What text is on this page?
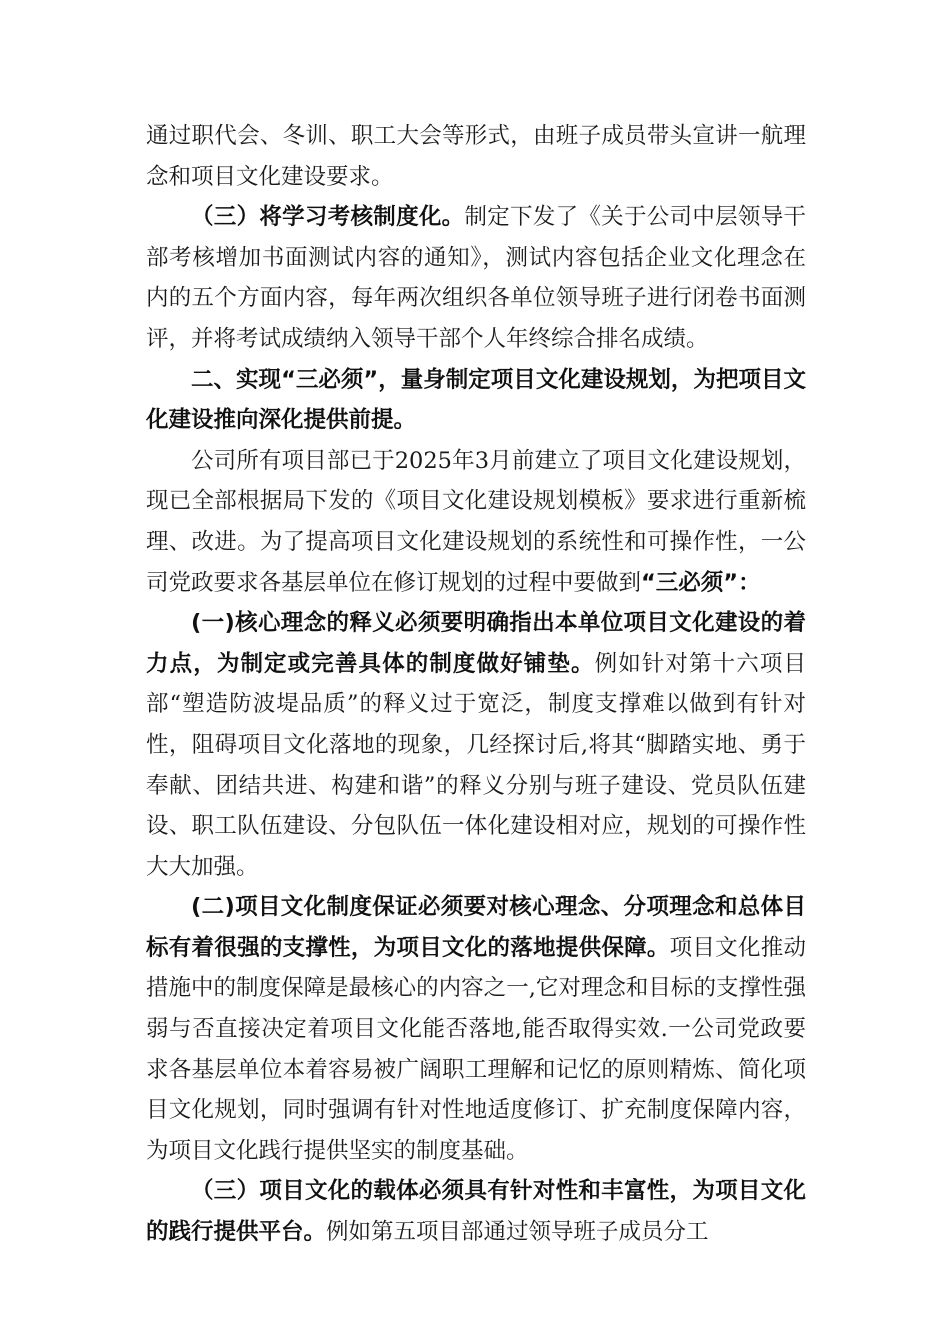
通过职代会、冬训、职工大会等形式，由班子成员带头宣讲一航理念和项目文化建设要求。

（三）将学习考核制度化。制定下发了《关于公司中层领导干部考核增加书面测试内容的通知》，测试内容包括企业文化理念在内的五个方面内容，每年两次组织各单位领导班子进行闭卷书面测评，并将考试成绩纳入领导干部个人年终综合排名成绩。

二、实现“三必须”，量身制定项目文化建设规划，为把项目文化建设推向深化提供前提。

公司所有项目部已于2025年3月前建立了项目文化建设规划，现已全部根据局下发的《项目文化建设规划模板》要求进行重新梳理、改进。为了提高项目文化建设规划的系统性和可操作性，一公司党政要求各基层单位在修订规划的过程中要做到“三必须”：

(一)核心理念的释义必须要明确指出本单位项目文化建设的着力点，为制定或完善具体的制度做好铺垫。例如针对第十六项目部“塑造防波堤品质”的释义过于宽泛，制度支撑难以做到有针对性，阻碍项目文化落地的现象，几经探讨后,将其“脚踏实地、勇于奉献、团结共进、构建和谐”的释义分别与班子建设、党员队伍建设、职工队伍建设、分包队伍一体化建设相对应，规划的可操作性大大加强。

(二)项目文化制度保证必须要对核心理念、分项理念和总体目标有着很强的支撑性，为项目文化的落地提供保障。项目文化推动措施中的制度保障是最核心的内容之一,它对理念和目标的支撑性强弱与否直接决定着项目文化能否落地,能否取得实效.一公司党政要求各基层单位本着容易被广阔职工理解和记忆的原则精炼、简化项目文化规划，同时强调有针对性地适度修订、扩充制度保障内容，为项目文化践行提供坚实的制度基础。

（三）项目文化的载体必须具有针对性和丰富性，为项目文化的践行提供平台。例如第五项目部通过领导班子成员分工
